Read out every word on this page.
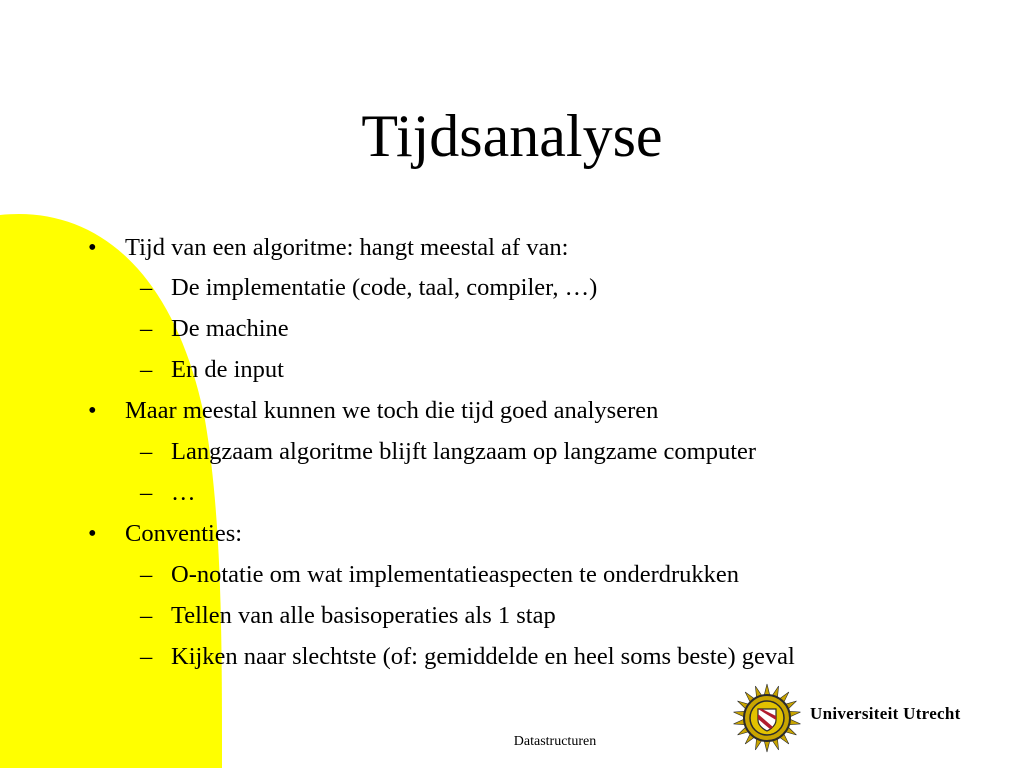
Tijdsanalyse
• Tijd van een algoritme: hangt meestal af van:
– De implementatie (code, taal, compiler, …)
– De machine
– En de input
• Maar meestal kunnen we toch die tijd goed analyseren
– Langzaam algoritme blijft langzaam op langzame computer
– …
• Conventies:
– O-notatie om wat implementatieaspecten te onderdrukken
– Tellen van alle basisoperaties als 1 stap
– Kijken naar slechtste (of: gemiddelde en heel soms beste) geval
Datastructuren
Universiteit Utrecht
